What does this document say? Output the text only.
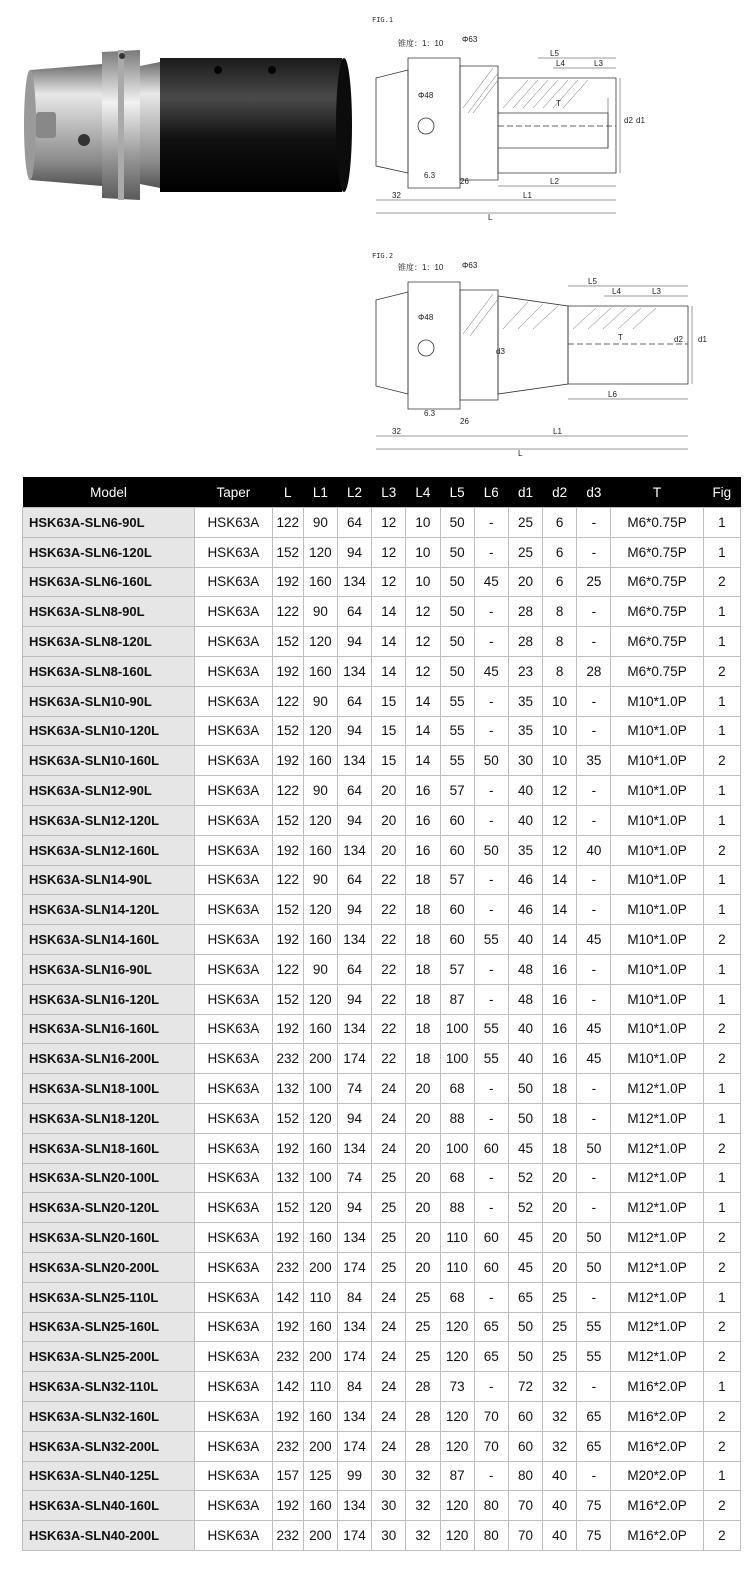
FIG.1
锥度：1：10 Φ63
32
6.3
26
L
L1
L2
L5
L4	L3
T
d2 d1
Φ48
FIG.2
锥度：1：10 Φ63
32
6.3
26
L
L1
L6
L5
L4	L3
T
d3
d2 d1
Φ48
Model	Taper	L	L1	L2	L3	L4	L5	L6	d1	d2	d3	T	Fig
HSK63A-SLN6-90L	HSK63A	122	90	64	12	10	50	-	25	6	-	M6*0.75P	1
HSK63A-SLN6-120L	HSK63A	152	120	94	12	10	50	-	25	6	-	M6*0.75P	1
HSK63A-SLN6-160L	HSK63A	192	160	134	12	10	50	45	20	6	25	M6*0.75P	2
HSK63A-SLN8-90L	HSK63A	122	90	64	14	12	50	-	28	8	-	M6*0.75P	1
HSK63A-SLN8-120L	HSK63A	152	120	94	14	12	50	-	28	8	-	M6*0.75P	1
HSK63A-SLN8-160L	HSK63A	192	160	134	14	12	50	45	23	8	28	M6*0.75P	2
HSK63A-SLN10-90L	HSK63A	122	90	64	15	14	55	-	35	10	-	M10*1.0P	1
HSK63A-SLN10-120L	HSK63A	152	120	94	15	14	55	-	35	10	-	M10*1.0P	1
HSK63A-SLN10-160L	HSK63A	192	160	134	15	14	55	50	30	10	35	M10*1.0P	2
HSK63A-SLN12-90L	HSK63A	122	90	64	20	16	57	-	40	12	-	M10*1.0P	1
HSK63A-SLN12-120L	HSK63A	152	120	94	20	16	60	-	40	12	-	M10*1.0P	1
HSK63A-SLN12-160L	HSK63A	192	160	134	20	16	60	50	35	12	40	M10*1.0P	2
HSK63A-SLN14-90L	HSK63A	122	90	64	22	18	57	-	46	14	-	M10*1.0P	1
HSK63A-SLN14-120L	HSK63A	152	120	94	22	18	60	-	46	14	-	M10*1.0P	1
HSK63A-SLN14-160L	HSK63A	192	160	134	22	18	60	55	40	14	45	M10*1.0P	2
HSK63A-SLN16-90L	HSK63A	122	90	64	22	18	57	-	48	16	-	M10*1.0P	1
HSK63A-SLN16-120L	HSK63A	152	120	94	22	18	87	-	48	16	-	M10*1.0P	1
HSK63A-SLN16-160L	HSK63A	192	160	134	22	18	100	55	40	16	45	M10*1.0P	2
HSK63A-SLN16-200L	HSK63A	232	200	174	22	18	100	55	40	16	45	M10*1.0P	2
HSK63A-SLN18-100L	HSK63A	132	100	74	24	20	68	-	50	18	-	M12*1.0P	1
HSK63A-SLN18-120L	HSK63A	152	120	94	24	20	88	-	50	18	-	M12*1.0P	1
HSK63A-SLN18-160L	HSK63A	192	160	134	24	20	100	60	45	18	50	M12*1.0P	2
HSK63A-SLN20-100L	HSK63A	132	100	74	25	20	68	-	52	20	-	M12*1.0P	1
HSK63A-SLN20-120L	HSK63A	152	120	94	25	20	88	-	52	20	-	M12*1.0P	1
HSK63A-SLN20-160L	HSK63A	192	160	134	25	20	110	60	45	20	50	M12*1.0P	2
HSK63A-SLN20-200L	HSK63A	232	200	174	25	20	110	60	45	20	50	M12*1.0P	2
HSK63A-SLN25-110L	HSK63A	142	110	84	24	25	68	-	65	25	-	M12*1.0P	1
HSK63A-SLN25-160L	HSK63A	192	160	134	24	25	120	65	50	25	55	M12*1.0P	2
HSK63A-SLN25-200L	HSK63A	232	200	174	24	25	120	65	50	25	55	M12*1.0P	2
HSK63A-SLN32-110L	HSK63A	142	110	84	24	28	73	-	72	32	-	M16*2.0P	1
HSK63A-SLN32-160L	HSK63A	192	160	134	24	28	120	70	60	32	65	M16*2.0P	2
HSK63A-SLN32-200L	HSK63A	232	200	174	24	28	120	70	60	32	65	M16*2.0P	2
HSK63A-SLN40-125L	HSK63A	157	125	99	30	32	87	-	80	40	-	M20*2.0P	1
HSK63A-SLN40-160L	HSK63A	192	160	134	30	32	120	80	70	40	75	M16*2.0P	2
HSK63A-SLN40-200L	HSK63A	232	200	174	30	32	120	80	70	40	75	M16*2.0P	2
